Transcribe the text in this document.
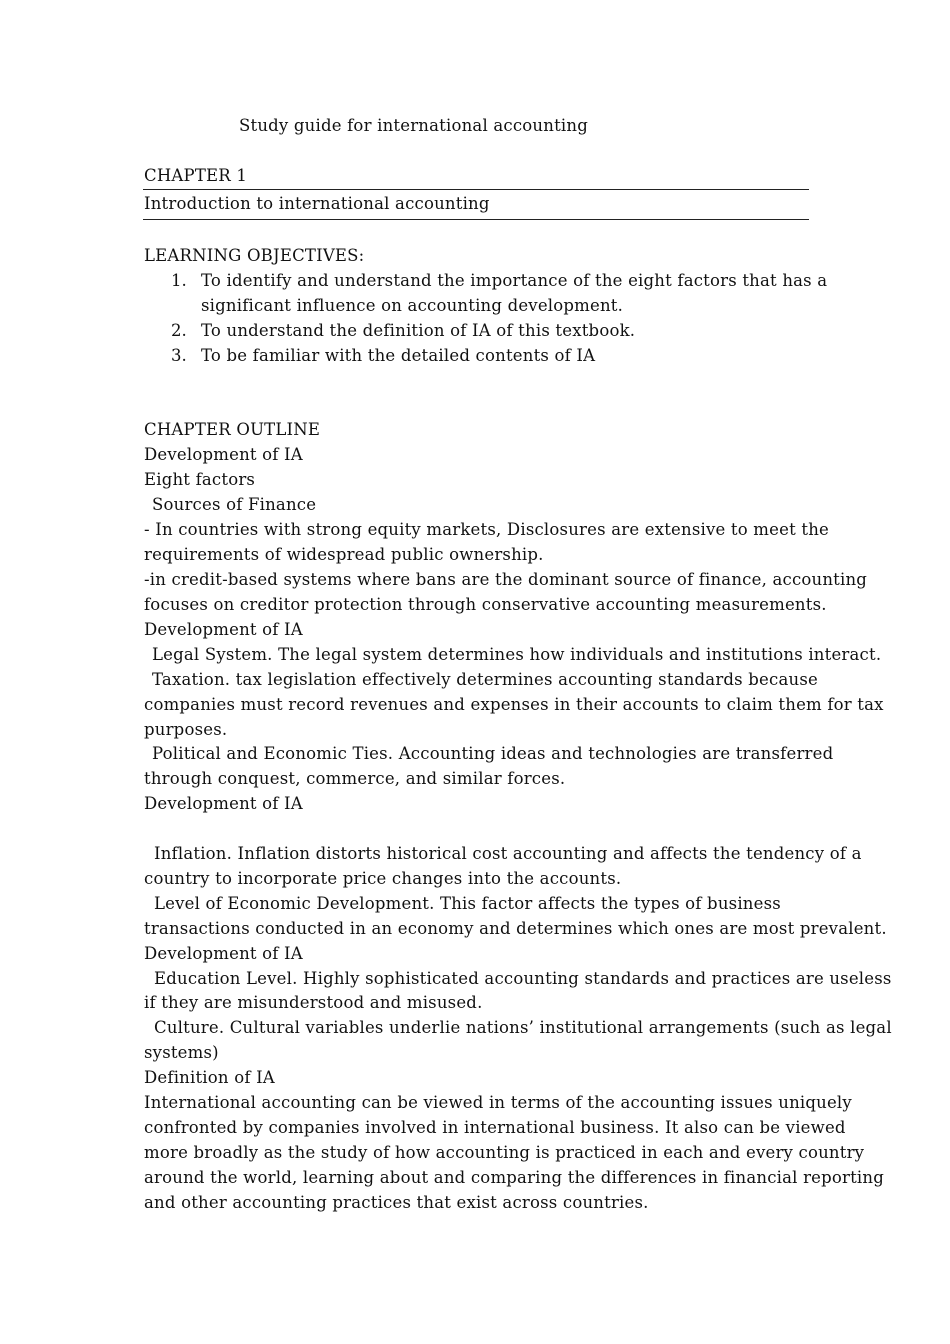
Study guide for international accounting
CHAPTER 1
Introduction to international accounting
LEARNING OBJECTIVES:
1. To identify and understand the importance of the eight factors that has a
significant influence on accounting development.
2. To understand the definition of IA of this textbook.
3. To be familiar with the detailed contents of IA
CHAPTER OUTLINE
Development of IA
Eight factors
Sources of Finance
- In countries with strong equity markets, Disclosures are extensive to meet the
requirements of widespread public ownership.
-in credit-based systems where bans are the dominant source of finance, accounting
focuses on creditor protection through conservative accounting measurements.
Development of IA
Legal System. The legal system determines how individuals and institutions interact.
Taxation. tax legislation effectively determines accounting standards because
companies must record revenues and expenses in their accounts to claim them for tax
purposes.
Political and Economic Ties. Accounting ideas and technologies are transferred
through conquest, commerce, and similar forces.
Development of IA
Inflation. Inflation distorts historical cost accounting and affects the tendency of a
country to incorporate price changes into the accounts.
Level of Economic Development. This factor affects the types of business
transactions conducted in an economy and determines which ones are most prevalent.
Development of IA
Education Level. Highly sophisticated accounting standards and practices are useless
if they are misunderstood and misused.
Culture. Cultural variables underlie nations’ institutional arrangements (such as legal
systems)
Definition of IA
International accounting can be viewed in terms of the accounting issues uniquely
confronted by companies involved in international business. It also can be viewed
more broadly as the study of how accounting is practiced in each and every country
around the world, learning about and comparing the differences in financial reporting
and other accounting practices that exist across countries.
